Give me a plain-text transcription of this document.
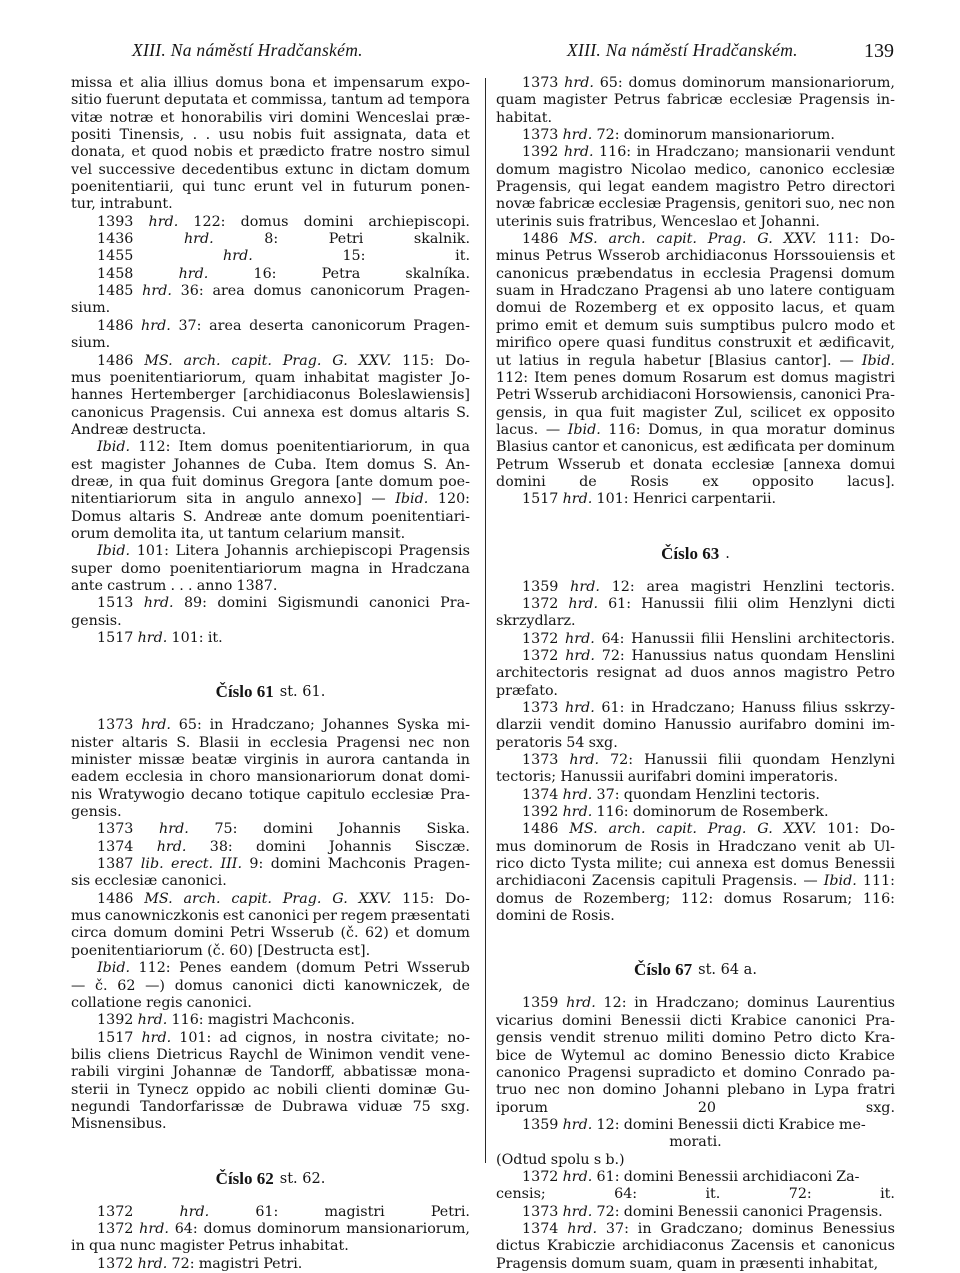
XIII. Na náměstí Hradčanském.	XIII. Na náměstí Hradčanském.	139
missa et alia illius domus bona et impensarum expo-
sitio fuerunt deputata et commissa, tantum ad tempora
vitæ notræ et honorabilis viri domini Wenceslai præ-
positi Tinensis, . . usu nobis fuit assignata, data et
donata, et quod nobis et prædicto fratre nostro simul
vel successive decedentibus extunc in dictam domum
poenitentiarii, qui tunc erunt vel in futurum ponen-
tur, intrabunt.
1393 hrd. 122: domus domini archiepiscopi.
1436	hrd.	8:	Petri	skalnik.
1455	hrd.	15:	it.
1458	hrd.	16:	Petra	skalníka.
1485 hrd. 36: area domus canonicorum Pragen-
sium.
1486 hrd. 37: area deserta canonicorum Pragen-
sium.
1486 MS. arch. capit. Prag. G. XXV. 115: Do-
mus poenitentiariorum, quam inhabitat magister Jo-
hannes Hertemberger [archidiaconus Boleslawiensis]
canonicus Pragensis. Cui annexa est domus altaris S.
Andreæ destructa.
Ibid. 112: Item domus poenitentiariorum, in qua
est magister Johannes de Cuba. Item domus S. An-
dreæ, in qua fuit dominus Gregora [ante domum poe-
nitentiariorum sita in angulo annexo] — Ibid. 120:
Domus altaris S. Andreæ ante domum poenitentiari-
orum demolita ita, ut tantum celarium mansit.
Ibid. 101: Litera Johannis archiepiscopi Pragensis
super domo poenitentiariorum magna in Hradczana
ante castrum . . . anno 1387.
1513 hrd. 89: domini Sigismundi canonici Pra-
gensis.
1517 hrd. 101: it.
Číslo 61 st. 61.
1373 hrd. 65: in Hradczano; Johannes Syska mi-
nister altaris S. Blasii in ecclesia Pragensi nec non
minister missæ beatæ virginis in aurora cantanda in
eadem ecclesia in choro mansionariorum donat domi-
nis Wratywogio decano totique capitulo ecclesiæ Pra-
gensis.
1373 hrd. 75: domini Johannis Siska.
1374 hrd. 38: domini Johannis Sisczæ.
1387 lib. erect. III. 9: domini Machconis Pragen-
sis ecclesiæ canonici.
1486 MS. arch. capit. Prag. G. XXV. 115: Do-
mus canowniczkonis est canonici per regem præsentati
circa domum domini Petri Wsserub (č. 62) et domum
poenitentiariorum (č. 60) [Destructa est].
Ibid. 112: Penes eandem (domum Petri Wsserub
— č. 62 —) domus canonici dicti kanowniczek, de
collatione regis canonici.
1392 hrd. 116: magistri Machconis.
1517 hrd. 101: ad cignos, in nostra civitate; no-
bilis cliens Dietricus Raychl de Winimon vendit vene-
rabili virgini Johannæ de Tandorff, abbatissæ mona-
sterii in Tynecz oppido ac nobili clienti dominæ Gu-
negundi Tandorfarissæ de Dubrawa viduæ 75 sxg.
Misnensibus.
Číslo 62 st. 62.
1372	hrd.	61:	magistri	Petri.
1372 hrd. 64: domus dominorum mansionariorum,
in qua nunc magister Petrus inhabitat.
1372 hrd. 72: magistri Petri.
1373 hrd. 65: domus dominorum mansionariorum,
quam magister Petrus fabricæ ecclesiæ Pragensis in-
habitat.
1373 hrd. 72: dominorum mansionariorum.
1392 hrd. 116: in Hradczano; mansionarii vendunt
domum magistro Nicolao medico, canonico ecclesiæ
Pragensis, qui legat eandem magistro Petro directori
novæ fabricæ ecclesiæ Pragensis, genitori suo, nec non
uterinis suis fratribus, Wenceslao et Johanni.
1486 MS. arch. capit. Prag. G. XXV. 111: Do-
minus Petrus Wsserob archidiaconus Horssouiensis et
canonicus præbendatus in ecclesia Pragensi domum
suam in Hradczano Pragensi ab uno latere contiguam
domui de Rozemberg et ex opposito lacus, et quam
primo emit et demum suis sumptibus pulcro modo et
mirifico opere quasi funditus construxit et ædificavit,
ut latius in regula habetur [Blasius cantor]. — Ibid.
112: Item penes domum Rosarum est domus magistri
Petri Wsserub archidiaconi Horsowiensis, canonici Pra-
gensis, in qua fuit magister Zul, scilicet ex opposito
lacus. — Ibid. 116: Domus, in qua moratur dominus
Blasius cantor et canonicus, est ædificata per dominum
Petrum Wsserub et donata ecclesiæ [annexa domui
domini de Rosis ex opposito lacus].
1517 hrd. 101: Henrici carpentarii.
Číslo 63 .
1359 hrd. 12: area magistri Henzlini tectoris.
1372 hrd. 61: Hanussii filii olim Henzlyni dicti
skrzydlarz.
1372 hrd. 64: Hanussii filii Henslini architectoris.
1372 hrd. 72: Hanussius natus quondam Henslini
architectoris resignat ad duos annos magistro Petro
præfato.
1373 hrd. 61: in Hradczano; Hanuss filius sskrzy-
dlarzii vendit domino Hanussio aurifabro domini im-
peratoris 54 sxg.
1373 hrd. 72: Hanussii filii quondam Henzlyni
tectoris; Hanussii aurifabri domini imperatoris.
1374 hrd. 37: quondam Henzlini tectoris.
1392 hrd. 116: dominorum de Rosemberk.
1486 MS. arch. capit. Prag. G. XXV. 101: Do-
mus dominorum de Rosis in Hradczano venit ab Ul-
rico dicto Tysta milite; cui annexa est domus Benessii
archidiaconi Zacensis capituli Pragensis. — Ibid. 111:
domus de Rozemberg; 112: domus Rosarum; 116:
domini de Rosis.
Číslo 67 st. 64 a.
1359 hrd. 12: in Hradczano; dominus Laurentius
vicarius domini Benessii dicti Krabice canonici Pra-
gensis vendit strenuo militi domino Petro dicto Kra-
bice de Wytemul ac domino Benessio dicto Krabice
canonico Pragensi supradicto et domino Conrado pa-
truo nec non domino Johanni plebano in Lypa fratri
iporum	20	sxg.
1359 hrd. 12: domini Benessii dicti Krabice me-
morati.
(Odtud spolu s b.)
1372 hrd. 61: domini Benessii archidiaconi Za-
censis;	64:	it.	72:	it.
1373 hrd. 72: domini Benessii canonici Pragensis.
1374 hrd. 37: in Gradczano; dominus Benessius
dictus Krabiczie archidiaconus Zacensis et canonicus
Pragensis domum suam, quam in præsenti inhabitat,
